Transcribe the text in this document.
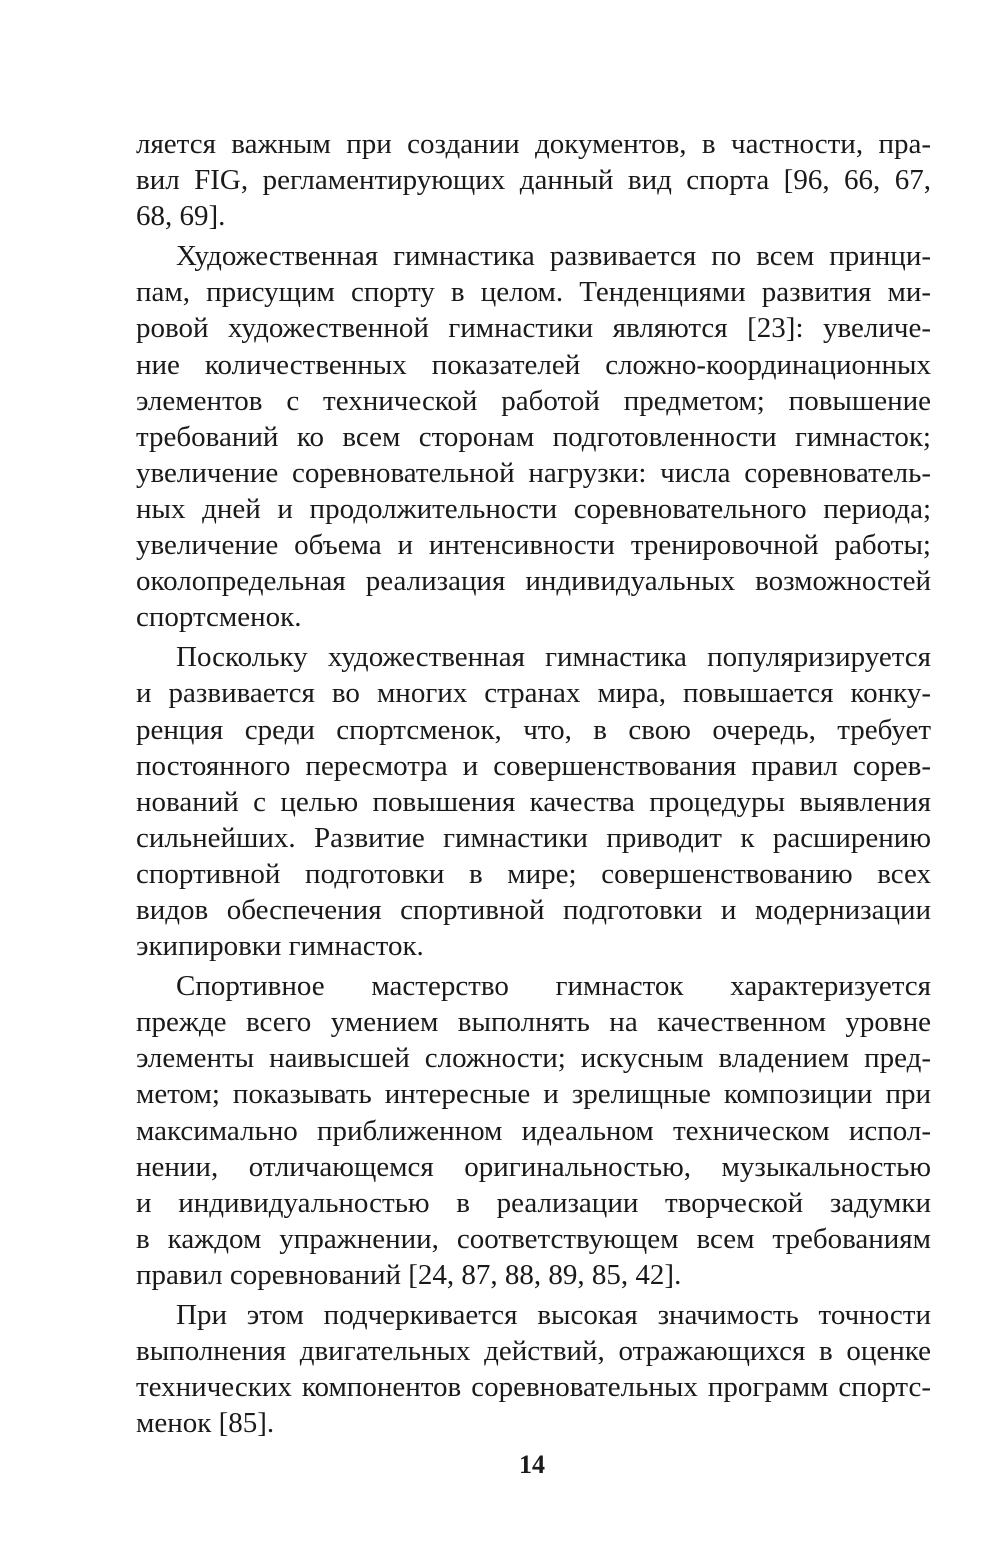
ляется важным при создании документов, в частности, пра-
вил FIG, регламентирующих данный вид спорта [96, 66, 67,
68, 69].
Художественная гимнастика развивается по всем принци-
пам, присущим спорту в целом. Тенденциями развития ми-
ровой художественной гимнастики являются [23]: увеличе-
ние количественных показателей сложно-координационных
элементов с технической работой предметом; повышение
требований ко всем сторонам подготовленности гимнасток;
увеличение соревновательной нагрузки: числа соревнователь-
ных дней и продолжительности соревновательного периода;
увеличение объема и интенсивности тренировочной работы;
околопредельная реализация индивидуальных возможностей
спортсменок.
Поскольку художественная гимнастика популяризируется
и развивается во многих странах мира, повышается конку-
ренция среди спортсменок, что, в свою очередь, требует
постоянного пересмотра и совершенствования правил сорев-
нований с целью повышения качества процедуры выявления
сильнейших. Развитие гимнастики приводит к расширению
спортивной подготовки в мире; совершенствованию всех
видов обеспечения спортивной подготовки и модернизации
экипировки гимнасток.
Спортивное мастерство гимнасток характеризуется
прежде всего умением выполнять на качественном уровне
элементы наивысшей сложности; искусным владением пред-
метом; показывать интересные и зрелищные композиции при
максимально приближенном идеальном техническом испол-
нении, отличающемся оригинальностью, музыкальностью
и индивидуальностью в реализации творческой задумки
в каждом упражнении, соответствующем всем требованиям
правил соревнований [24, 87, 88, 89, 85, 42].
При этом подчеркивается высокая значимость точности
выполнения двигательных действий, отражающихся в оценке
технических компонентов соревновательных программ спортс-
менок [85].
14
